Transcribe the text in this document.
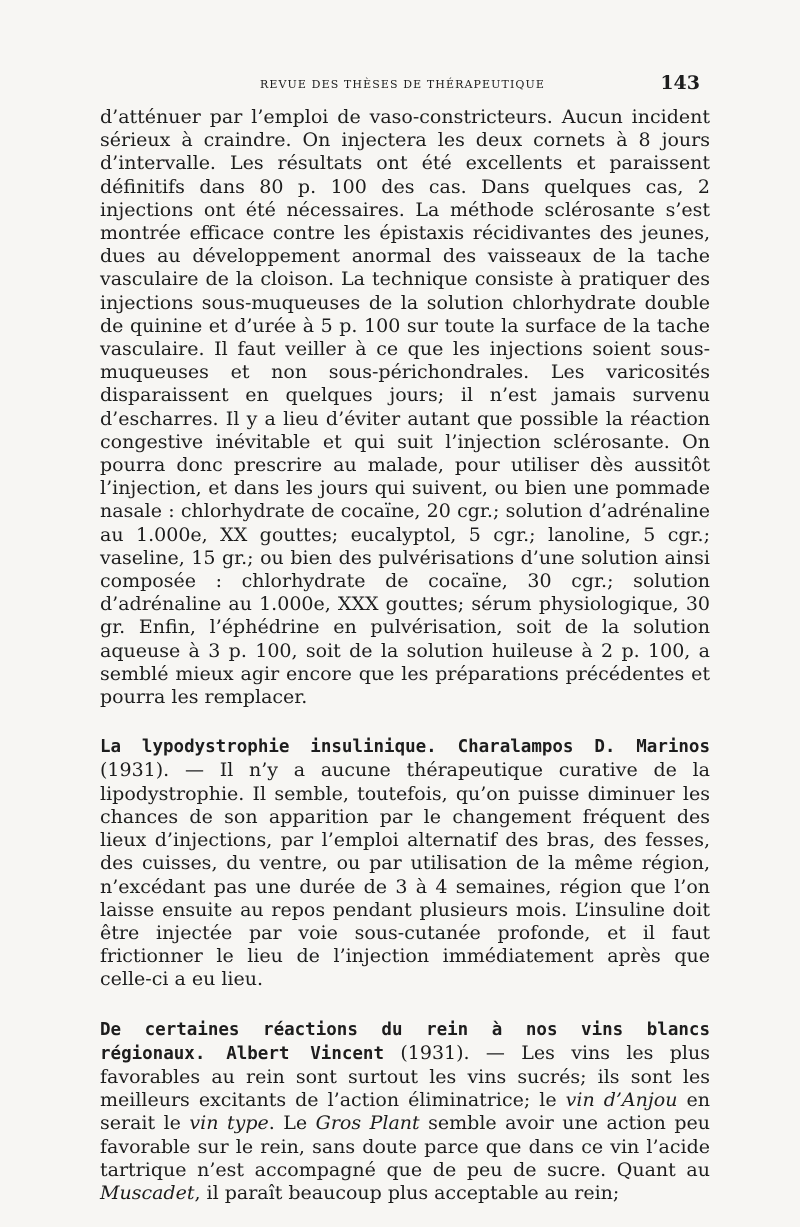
REVUE DES THÈSES DE THÉRAPEUTIQUE	143

d’atténuer par l’emploi de vaso-constricteurs. Aucun incident sérieux à craindre. On injectera les deux cornets à 8 jours d’intervalle. Les résultats ont été excellents et paraissent définitifs dans 80 p. 100 des cas. Dans quelques cas, 2 injections ont été nécessaires. La méthode sclérosante s’est montrée efficace contre les épistaxis récidivantes des jeunes, dues au développement anormal des vaisseaux de la tache vasculaire de la cloison. La technique consiste à pratiquer des injections sous-muqueuses de la solution chlorhydrate double de quinine et d’urée à 5 p. 100 sur toute la surface de la tache vasculaire. Il faut veiller à ce que les injections soient sous-muqueuses et non sous-périchondrales. Les varicosités disparaissent en quelques jours; il n’est jamais survenu d’escharres. Il y a lieu d’éviter autant que possible la réaction congestive inévitable et qui suit l’injection sclérosante. On pourra donc prescrire au malade, pour utiliser dès aussitôt l’injection, et dans les jours qui suivent, ou bien une pommade nasale : chlorhydrate de cocaïne, 20 cgr.; solution d’adrénaline au 1.000e, XX gouttes; eucalyptol, 5 cgr.; lanoline, 5 cgr.; vaseline, 15 gr.; ou bien des pulvérisations d’une solution ainsi composée : chlorhydrate de cocaïne, 30 cgr.; solution d’adrénaline au 1.000e, XXX gouttes; sérum physiologique, 30 gr. Enfin, l’éphédrine en pulvérisation, soit de la solution aqueuse à 3 p. 100, soit de la solution huileuse à 2 p. 100, a semblé mieux agir encore que les préparations précédentes et pourra les remplacer.

La lypodystrophie insulinique. Charalampos D. Marinos (1931). — Il n’y a aucune thérapeutique curative de la lipodystrophie. Il semble, toutefois, qu’on puisse diminuer les chances de son apparition par le changement fréquent des lieux d’injections, par l’emploi alternatif des bras, des fesses, des cuisses, du ventre, ou par utilisation de la même région, n’excédant pas une durée de 3 à 4 semaines, région que l’on laisse ensuite au repos pendant plusieurs mois. L’insuline doit être injectée par voie sous-cutanée profonde, et il faut frictionner le lieu de l’injection immédiatement après que celle-ci a eu lieu.

De certaines réactions du rein à nos vins blancs régionaux. Albert Vincent (1931). — Les vins les plus favorables au rein sont surtout les vins sucrés; ils sont les meilleurs excitants de l’action éliminatrice; le vin d’Anjou en serait le vin type. Le Gros Plant semble avoir une action peu favorable sur le rein, sans doute parce que dans ce vin l’acide tartrique n’est accompagné que de peu de sucre. Quant au Muscadet, il paraît beaucoup plus acceptable au rein;
